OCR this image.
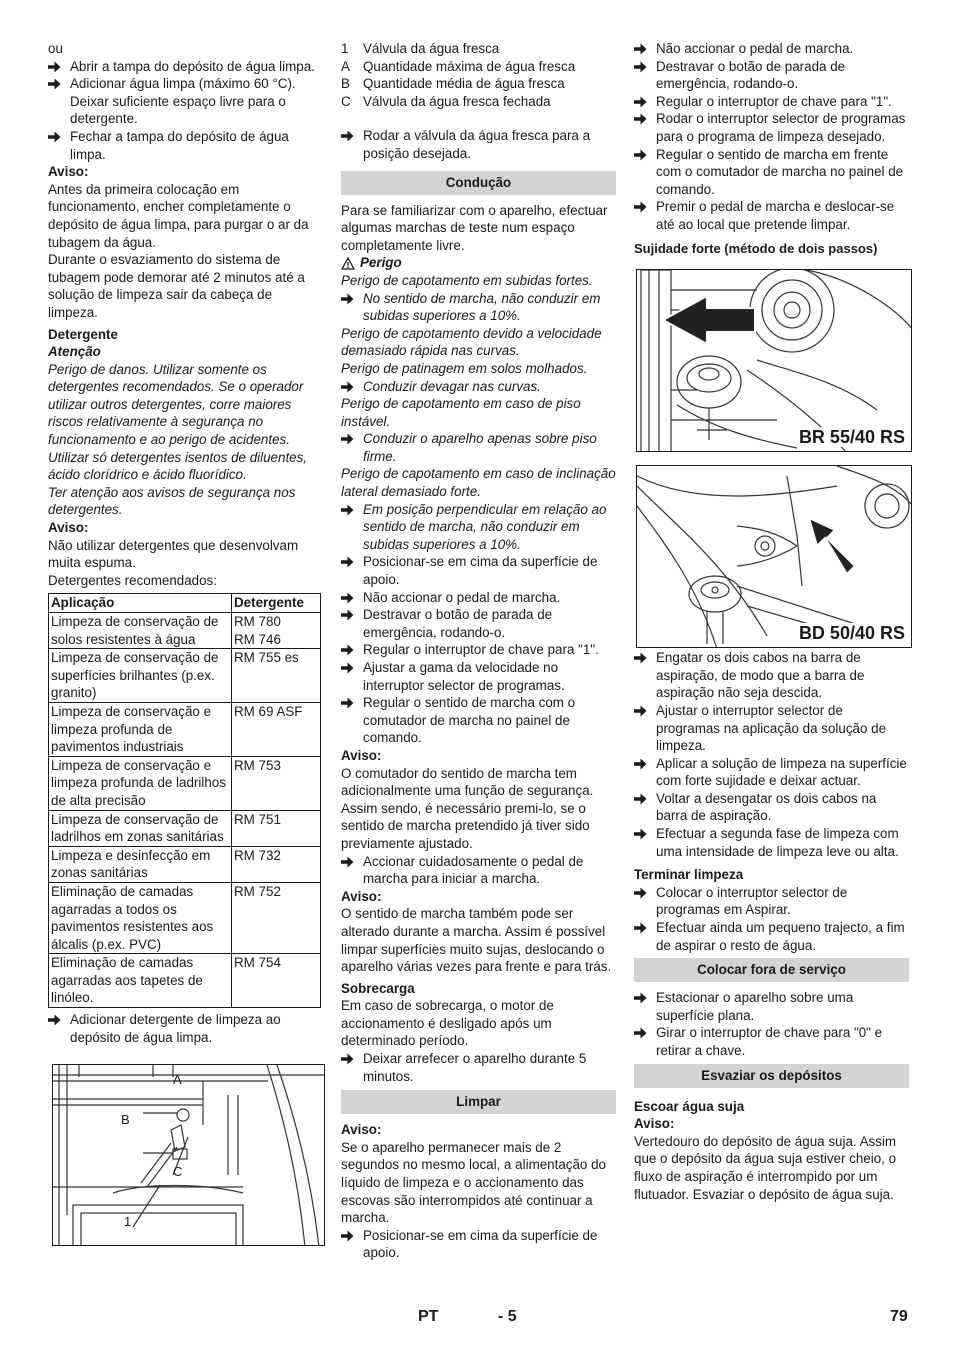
ou
Abrir a tampa do depósito de água limpa.
Adicionar água limpa (máximo 60 °C). Deixar suficiente espaço livre para o detergente.
Fechar a tampa do depósito de água limpa.
Aviso:
Antes da primeira colocação em funcionamento, encher completamente o depósito de água limpa, para purgar o ar da tubagem da água.
Durante o esvaziamento do sistema de tubagem pode demorar até 2 minutos até a solução de limpeza sair da cabeça de limpeza.
Detergente
Atenção
Perigo de danos. Utilizar somente os detergentes recomendados. Se o operador utilizar outros detergentes, corre maiores riscos relativamente à segurança no funcionamento e ao perigo de acidentes.
Utilizar só detergentes isentos de diluentes, ácido clorídrico e ácido fluorídico.
Ter atenção aos avisos de segurança nos detergentes.
Aviso:
Não utilizar detergentes que desenvolvam muita espuma.
Detergentes recomendados:
Aplicação	Detergente
Limpeza de conservação de solos resistentes à água	RM 780
RM 746
Limpeza de conservação de superfícies brilhantes (p.ex. granito)	RM 755 es
Limpeza de conservação e limpeza profunda de pavimentos industriais	RM 69 ASF
Limpeza de conservação e limpeza profunda de ladrilhos de alta precisão	RM 753
Limpeza de conservação de ladrilhos em zonas sanitárias	RM 751
Limpeza e desinfecção em zonas sanitárias	RM 732
Eliminação de camadas agarradas a todos os pavimentos resistentes aos álcalis (p.ex. PVC)	RM 752
Eliminação de camadas agarradas aos tapetes de linóleo.	RM 754
Adicionar detergente de limpeza ao depósito de água limpa.
A
B
C
1
1	Válvula da água fresca
A Quantidade máxima de água fresca
B Quantidade média de água fresca
C Válvula da água fresca fechada
Rodar a válvula da água fresca para a posição desejada.
Condução
Para se familiarizar com o aparelho, efectuar algumas marchas de teste num espaço completamente livre.
Perigo
Perigo de capotamento em subidas fortes.
No sentido de marcha, não conduzir em subidas superiores a 10%.
Perigo de capotamento devido a velocidade demasiado rápida nas curvas.
Perigo de patinagem em solos molhados.
Conduzir devagar nas curvas.
Perigo de capotamento em caso de piso instável.
Conduzir o aparelho apenas sobre piso firme.
Perigo de capotamento em caso de inclinação lateral demasiado forte.
Em posição perpendicular em relação ao sentido de marcha, não conduzir em subidas superiores a 10%.
Posicionar-se em cima da superfície de apoio.
Não accionar o pedal de marcha.
Destravar o botão de parada de emergência, rodando-o.
Regular o interruptor de chave para "1".
Ajustar a gama da velocidade no interruptor selector de programas.
Regular o sentido de marcha com o comutador de marcha no painel de comando.
Aviso:
O comutador do sentido de marcha tem adicionalmente uma função de segurança. Assim sendo, é necessário premi-lo, se o sentido de marcha pretendido já tiver sido previamente ajustado.
Accionar cuidadosamente o pedal de marcha para iniciar a marcha.
Aviso:
O sentido de marcha também pode ser alterado durante a marcha. Assim é possível limpar superfícies muito sujas, deslocando o aparelho várias vezes para frente e para trás.
Sobrecarga
Em caso de sobrecarga, o motor de accionamento é desligado após um determinado período.
Deixar arrefecer o aparelho durante 5 minutos.
Limpar
Aviso:
Se o aparelho permanecer mais de 2 segundos no mesmo local, a alimentação do líquido de limpeza e o accionamento das escovas são interrompidos até continuar a marcha.
Posicionar-se em cima da superfície de apoio.
Não accionar o pedal de marcha.
Destravar o botão de parada de emergência, rodando-o.
Regular o interruptor de chave para "1".
Rodar o interruptor selector de programas para o programa de limpeza desejado.
Regular o sentido de marcha em frente com o comutador de marcha no painel de comando.
Premir o pedal de marcha e deslocar-se até ao local que pretende limpar.
Sujidade forte (método de dois passos)
BR 55/40 RS
BD 50/40 RS
Engatar os dois cabos na barra de aspiração, de modo que a barra de aspiração não seja descida.
Ajustar o interruptor selector de programas na aplicação da solução de limpeza.
Aplicar a solução de limpeza na superfície com forte sujidade e deixar actuar.
Voltar a desengatar os dois cabos na barra de aspiração.
Efectuar a segunda fase de limpeza com uma intensidade de limpeza leve ou alta.
Terminar limpeza
Colocar o interruptor selector de programas em Aspirar.
Efectuar ainda um pequeno trajecto, a fim de aspirar o resto de água.
Colocar fora de serviço
Estacionar o aparelho sobre uma superfície plana.
Girar o interruptor de chave para "0" e retirar a chave.
Esvaziar os depósitos
Escoar água suja
Aviso:
Vertedouro do depósito de água suja. Assim que o depósito da água suja estiver cheio, o fluxo de aspiração é interrompido por um flutuador. Esvaziar o depósito de água suja.
PT	- 5	79
